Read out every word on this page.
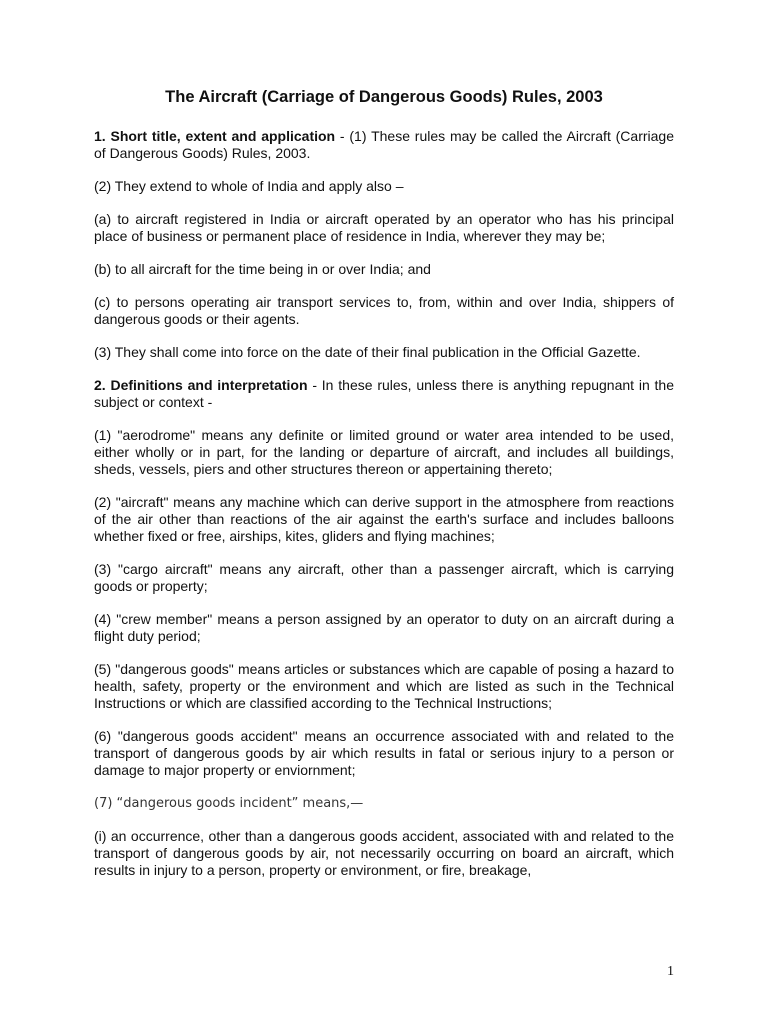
The Aircraft (Carriage of Dangerous Goods) Rules, 2003

1. Short title, extent and application - (1) These rules may be called the Aircraft (Carriage of Dangerous Goods) Rules, 2003.

(2) They extend to whole of India and apply also –

(a) to aircraft registered in India or aircraft operated by an operator who has his principal place of business or permanent place of residence in India, wherever they may be;

(b) to all aircraft for the time being in or over India; and

(c) to persons operating air transport services to, from, within and over India, shippers of dangerous goods or their agents.

(3) They shall come into force on the date of their final publication in the Official Gazette.

2. Definitions and interpretation - In these rules, unless there is anything repugnant in the subject or context -

(1) "aerodrome" means any definite or limited ground or water area intended to be used, either wholly or in part, for the landing or departure of aircraft, and includes all buildings, sheds, vessels, piers and other structures thereon or appertaining thereto;

(2) "aircraft" means any machine which can derive support in the atmosphere from reactions of the air other than reactions of the air against the earth's surface and includes balloons whether fixed or free, airships, kites, gliders and flying machines;

(3) "cargo aircraft" means any aircraft, other than a passenger aircraft, which is carrying goods or property;

(4) "crew member" means a person assigned by an operator to duty on an aircraft during a flight duty period;

(5) "dangerous goods" means articles or substances which are capable of posing a hazard to health, safety, property or the environment and which are listed as such in the Technical Instructions or which are classified according to the Technical Instructions;

(6) "dangerous goods accident" means an occurrence associated with and related to the transport of dangerous goods by air which results in fatal or serious injury to a person or damage to major property or enviornment;

(7) “dangerous goods incident” means,—

(i) an occurrence, other than a dangerous goods accident, associated with and related to the transport of dangerous goods by air, not necessarily occurring on board an aircraft, which results in injury to a person, property or environment, or fire, breakage,

1
